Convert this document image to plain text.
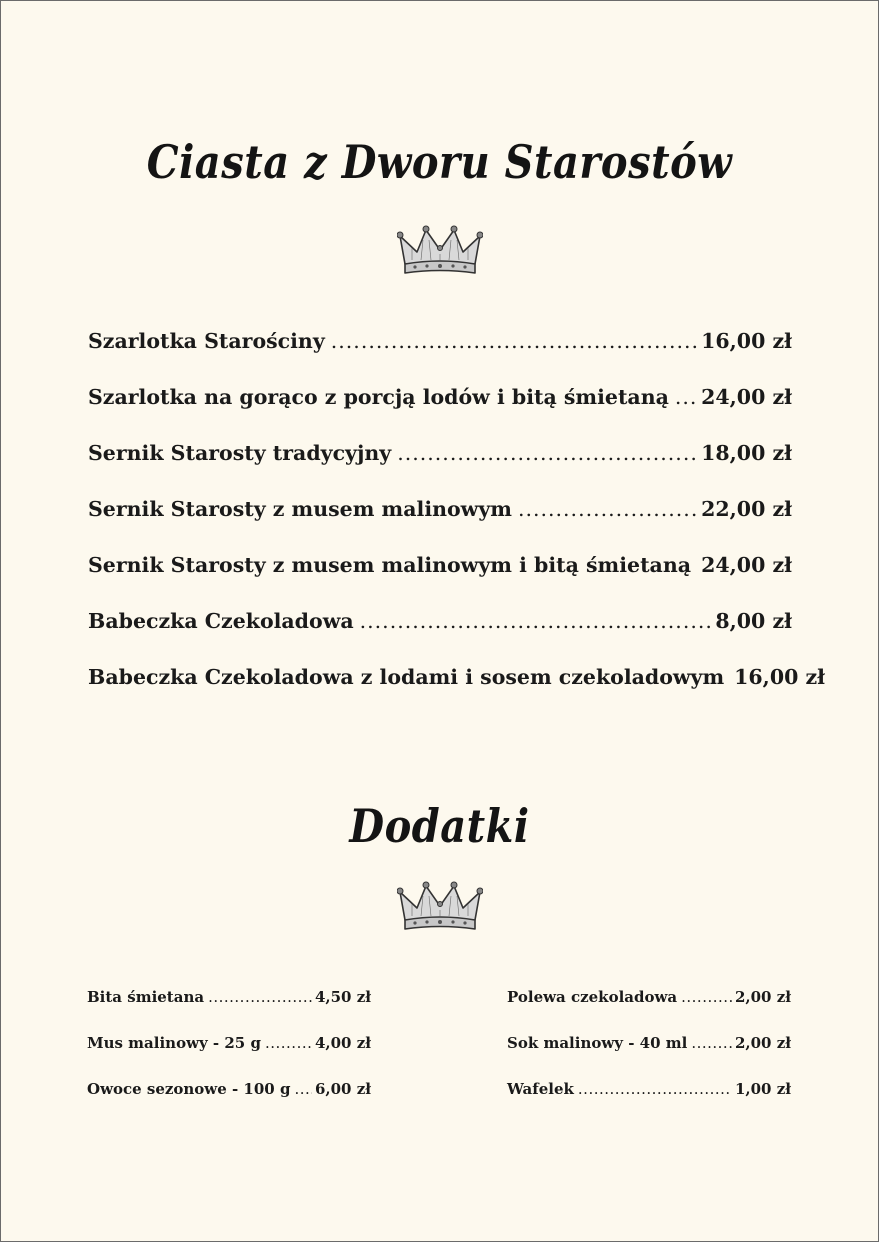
Ciasta z Dworu Starostów
Szarlotka Starościny .....	16,00 zł
Szarlotka na gorąco z porcją lodów i bitą śmietaną ..... 24,00 zł
Sernik Starosty tradycyjny .....	18,00 zł
Sernik Starosty z musem malinowym .....	22,00 zł
Sernik Starosty z musem malinowym i bitą śmietaną ..... 24,00 zł
Babeczka Czekoladowa .....	8,00 zł
Babeczka Czekoladowa z lodami i sosem czekoladowym 16,00 zł
Dodatki
Bita śmietana .....	4,50 zł
Mus malinowy - 25 g .....	4,00 zł
Owoce sezonowe - 100 g ..... 6,00 zł
Polewa czekoladowa .....	2,00 zł
Sok malinowy - 40 ml .....	2,00 zł
Wafelek .....	1,00 zł
